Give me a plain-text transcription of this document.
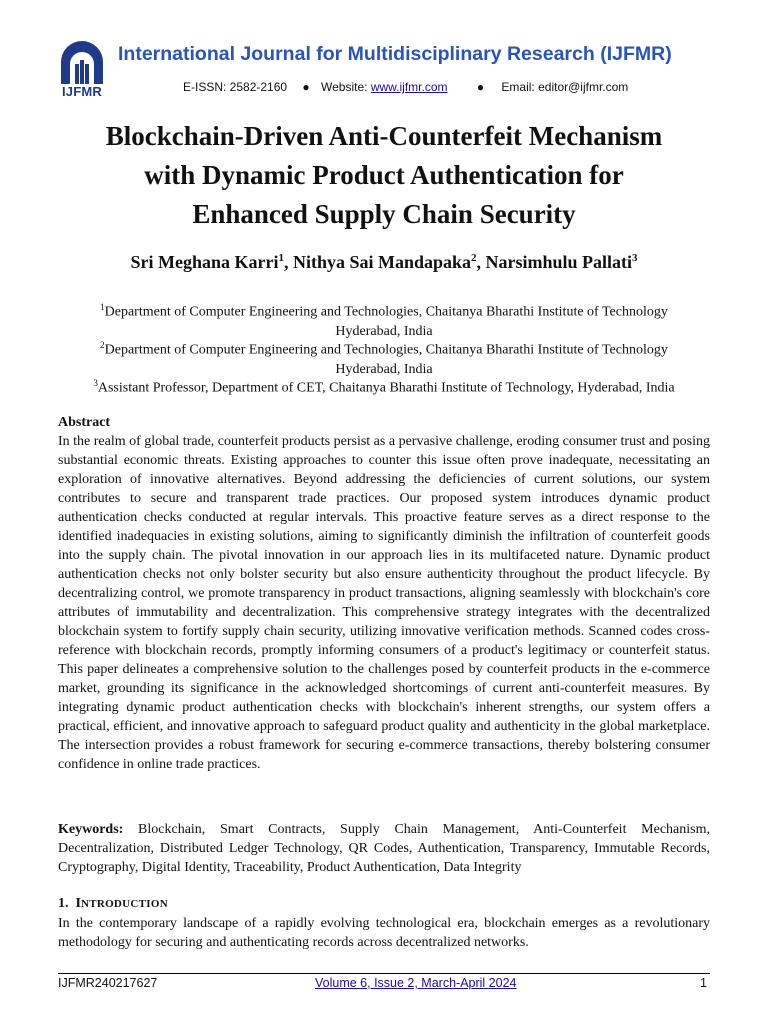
IJFMR
International Journal for Multidisciplinary Research (IJFMR)
E-ISSN: 2582-2160 ● Website: www.ijfmr.com ● Email: editor@ijfmr.com
Blockchain-Driven Anti-Counterfeit Mechanism
with Dynamic Product Authentication for
Enhanced Supply Chain Security
Sri Meghana Karri$^1$, Nithya Sai Mandapaka$^2$, Narsimhulu Pallati$^3$
$^1$Department of Computer Engineering and Technologies, Chaitanya Bharathi Institute of Technology
Hyderabad, India
$^2$Department of Computer Engineering and Technologies, Chaitanya Bharathi Institute of Technology
Hyderabad, India
$^3$Assistant Professor, Department of CET, Chaitanya Bharathi Institute of Technology, Hyderabad, India
Abstract
In the realm of global trade, counterfeit products persist as a pervasive challenge, eroding consumer trust and posing substantial economic threats. Existing approaches to counter this issue often prove inadequate, necessitating an exploration of innovative alternatives. Beyond addressing the deficiencies of current solutions, our system contributes to secure and transparent trade practices. Our proposed system introduces dynamic product authentication checks conducted at regular intervals. This proactive feature serves as a direct response to the identified inadequacies in existing solutions, aiming to significantly diminish the infiltration of counterfeit goods into the supply chain. The pivotal innovation in our approach lies in its multifaceted nature. Dynamic product authentication checks not only bolster security but also ensure authenticity throughout the product lifecycle. By decentralizing control, we promote transparency in product transactions, aligning seamlessly with blockchain's core attributes of immutability and decentralization. This comprehensive strategy integrates with the decentralized blockchain system to fortify supply chain security, utilizing innovative verification methods. Scanned codes cross-reference with blockchain records, promptly informing consumers of a product's legitimacy or counterfeit status. This paper delineates a comprehensive solution to the challenges posed by counterfeit products in the e-commerce market, grounding its significance in the acknowledged shortcomings of current anti-counterfeit measures. By integrating dynamic product authentication checks with blockchain's inherent strengths, our system offers a practical, efficient, and innovative approach to safeguard product quality and authenticity in the global marketplace. The intersection provides a robust framework for securing e-commerce transactions, thereby bolstering consumer confidence in online trade practices.
Keywords: Blockchain, Smart Contracts, Supply Chain Management, Anti-Counterfeit Mechanism, Decentralization, Distributed Ledger Technology, QR Codes, Authentication, Transparency, Immutable Records, Cryptography, Digital Identity, Traceability, Product Authentication, Data Integrity
1. INTRODUCTION
In the contemporary landscape of a rapidly evolving technological era, blockchain emerges as a revolutionary methodology for securing and authenticating records across decentralized networks.
IJFMR240217627	Volume 6, Issue 2, March-April 2024	1
